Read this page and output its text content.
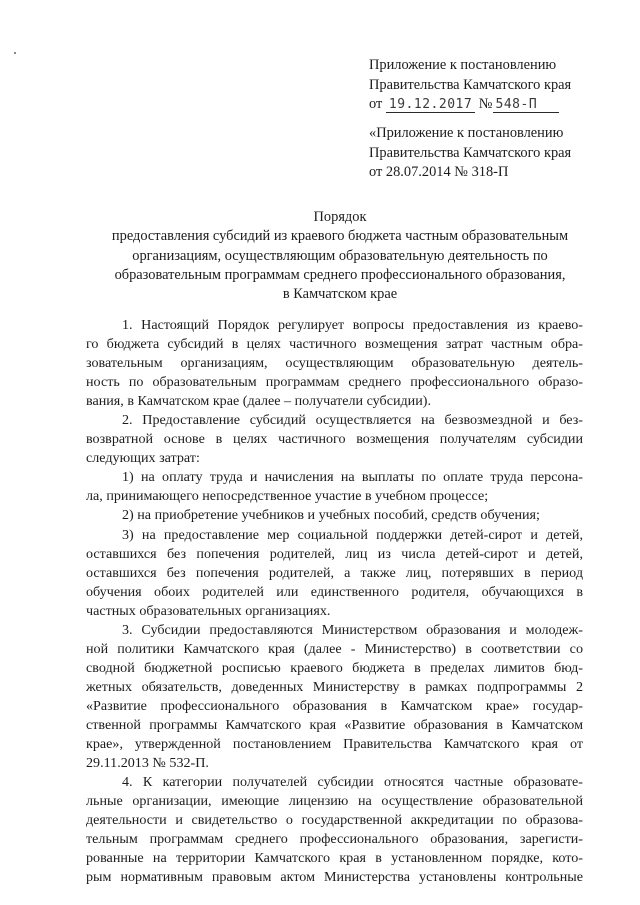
Приложение к постановлению
Правительства Камчатского края
от 19.12.2017 № 548-П
«Приложение к постановлению
Правительства Камчатского края
от 28.07.2014 № 318-П
Порядок
предоставления субсидий из краевого бюджета частным образовательным
организациям, осуществляющим образовательную деятельность по
образовательным программам среднего профессионального образования,
в Камчатском крае
1. Настоящий Порядок регулирует вопросы предоставления из краево-
го бюджета субсидий в целях частичного возмещения затрат частным обра-
зовательным организациям, осуществляющим образовательную деятель-
ность по образовательным программам среднего профессионального образо-
вания, в Камчатском крае (далее – получатели субсидии).
2. Предоставление субсидий осуществляется на безвозмездной и без-
возвратной основе в целях частичного возмещения получателям субсидии
следующих затрат:
1) на оплату труда и начисления на выплаты по оплате труда персона-
ла, принимающего непосредственное участие в учебном процессе;
2) на приобретение учебников и учебных пособий, средств обучения;
3) на предоставление мер социальной поддержки детей-сирот и детей,
оставшихся без попечения родителей, лиц из числа детей-сирот и детей,
оставшихся без попечения родителей, а также лиц, потерявших в период
обучения обоих родителей или единственного родителя, обучающихся в
частных образовательных организациях.
3. Субсидии предоставляются Министерством образования и молодеж-
ной политики Камчатского края (далее - Министерство) в соответствии со
сводной бюджетной росписью краевого бюджета в пределах лимитов бюд-
жетных обязательств, доведенных Министерству в рамках подпрограммы 2
«Развитие профессионального образования в Камчатском крае» государ-
ственной программы Камчатского края «Развитие образования в Камчатском
крае», утвержденной постановлением Правительства Камчатского края от
29.11.2013 № 532-П.
4. К категории получателей субсидии относятся частные образовате-
льные организации, имеющие лицензию на осуществление образовательной
деятельности и свидетельство о государственной аккредитации по образова-
тельным программам среднего профессионального образования, зарегисти-
рованные на территории Камчатского края в установленном порядке, кото-
рым нормативным правовым актом Министерства установлены контрольные
